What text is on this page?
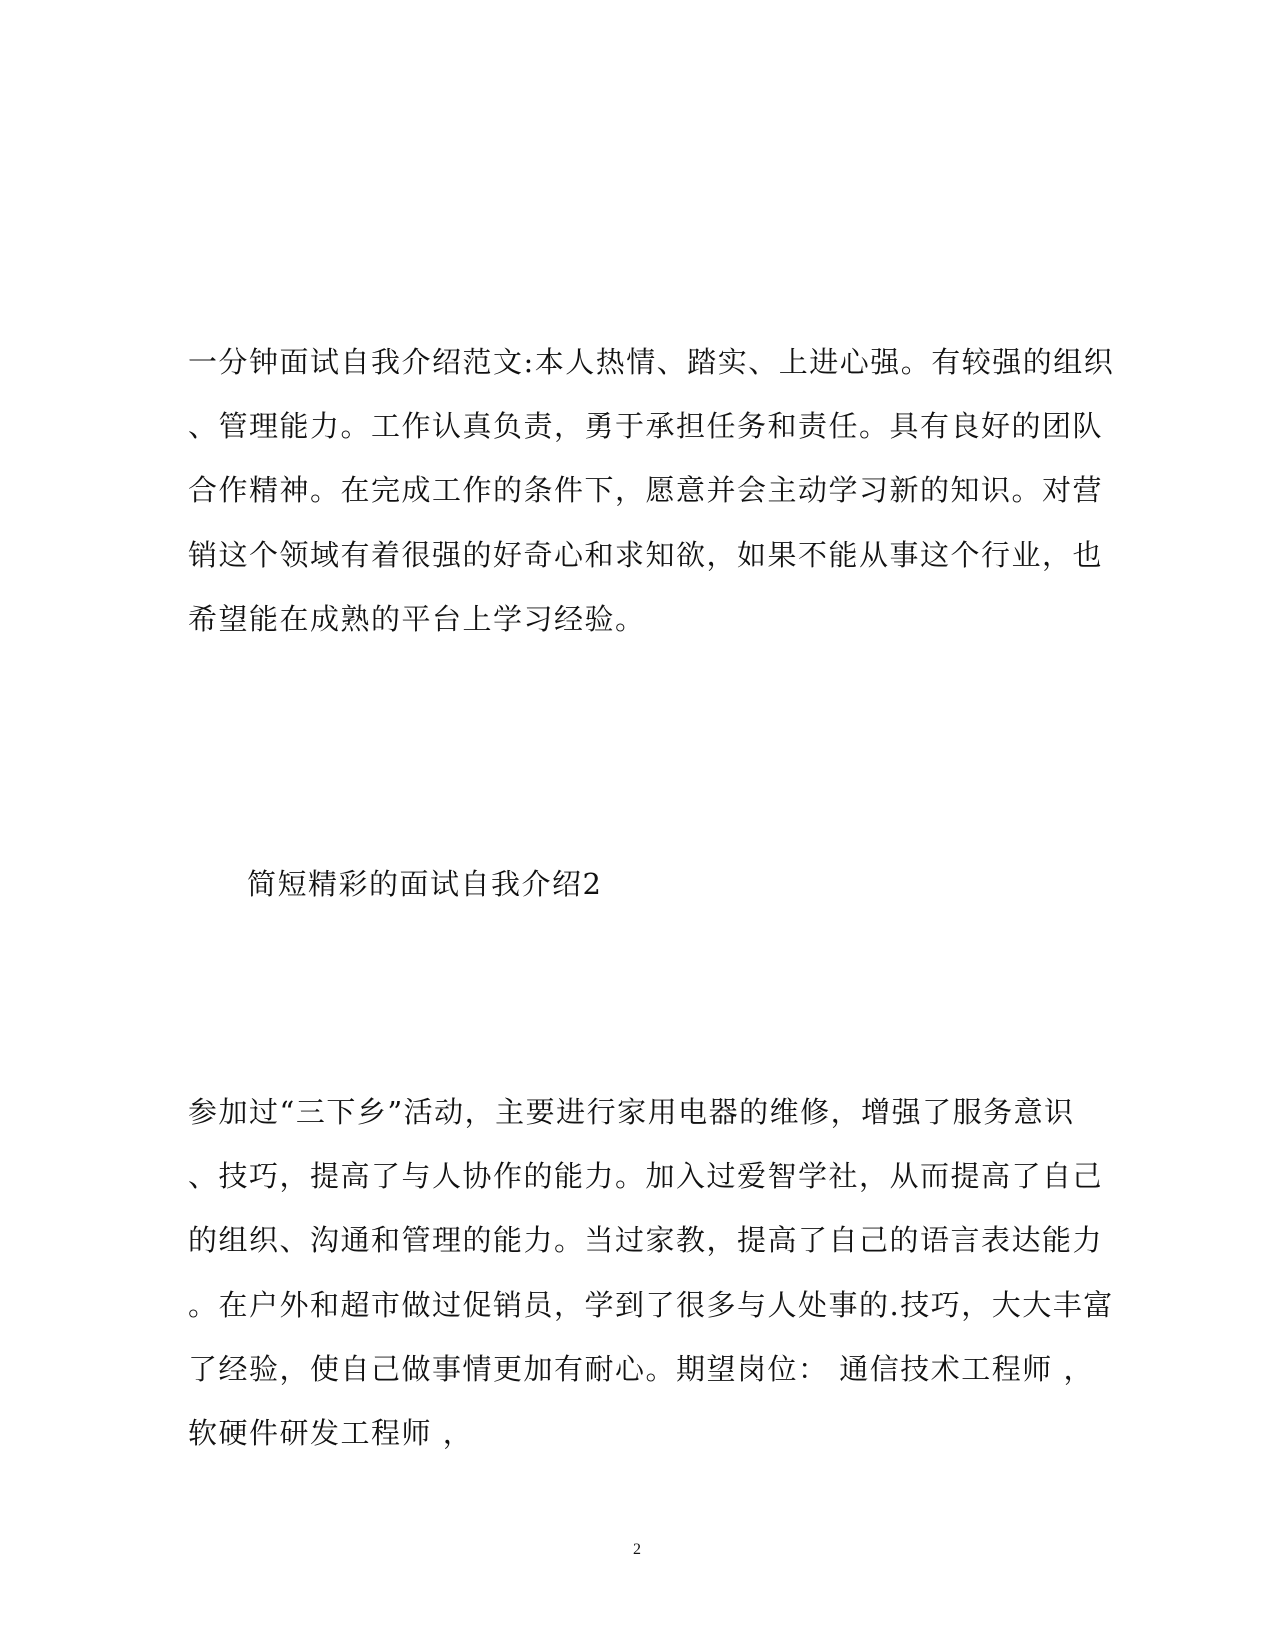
一分钟面试自我介绍范文:本人热情、踏实、上进心强。有较强的组织
、管理能力。工作认真负责，勇于承担任务和责任。具有良好的团队
合作精神。在完成工作的条件下，愿意并会主动学习新的知识。对营
销这个领域有着很强的好奇心和求知欲，如果不能从事这个行业，也
希望能在成熟的平台上学习经验。
简短精彩的面试自我介绍2
参加过“三下乡”活动，主要进行家用电器的维修，增强了服务意识
、技巧，提高了与人协作的能力。加入过爱智学社，从而提高了自己
的组织、沟通和管理的能力。当过家教，提高了自己的语言表达能力
。在户外和超市做过促销员，学到了很多与人处事的.技巧，大大丰富
了经验，使自己做事情更加有耐心。期望岗位： 通信技术工程师 ，
软硬件研发工程师 ，
2
